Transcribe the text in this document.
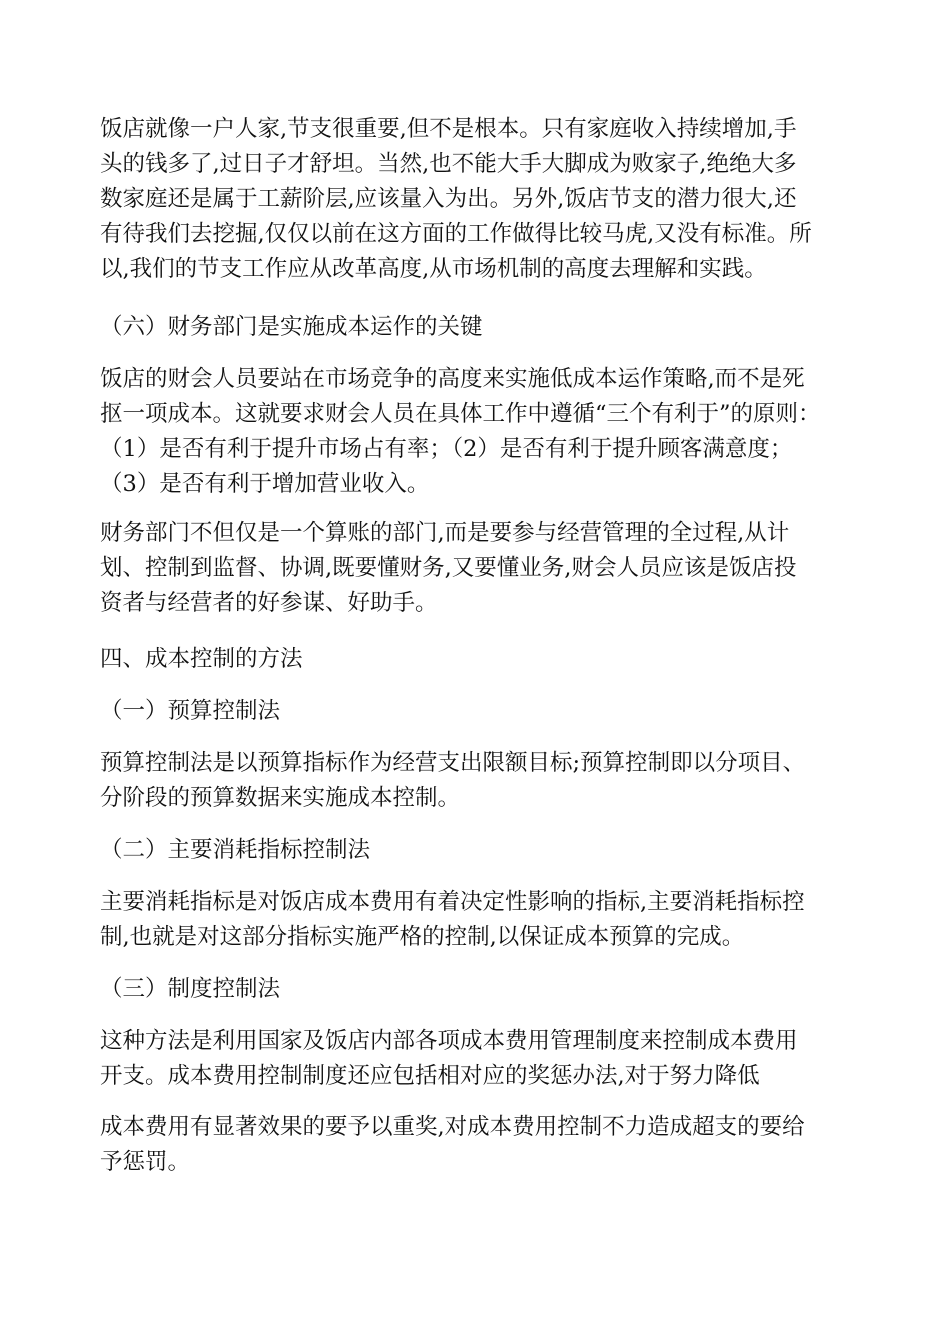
饭店就像一户人家,节支很重要,但不是根本。只有家庭收入持续增加,手
头的钱多了,过日子才舒坦。当然,也不能大手大脚成为败家子,绝绝大多
数家庭还是属于工薪阶层,应该量入为出。另外,饭店节支的潜力很大,还
有待我们去挖掘,仅仅以前在这方面的工作做得比较马虎,又没有标准。所
以,我们的节支工作应从改革高度,从市场机制的高度去理解和实践。

（六）财务部门是实施成本运作的关键

饭店的财会人员要站在市场竞争的高度来实施低成本运作策略,而不是死
抠一项成本。这就要求财会人员在具体工作中遵循“三个有利于”的原则：
（1）是否有利于提升市场占有率；（2）是否有利于提升顾客满意度；
（3）是否有利于增加营业收入。

财务部门不但仅是一个算账的部门,而是要参与经营管理的全过程,从计
划、控制到监督、协调,既要懂财务,又要懂业务,财会人员应该是饭店投
资者与经营者的好参谋、好助手。

四、成本控制的方法

（一）预算控制法

预算控制法是以预算指标作为经营支出限额目标;预算控制即以分项目、
分阶段的预算数据来实施成本控制。

（二）主要消耗指标控制法

主要消耗指标是对饭店成本费用有着决定性影响的指标,主要消耗指标控
制,也就是对这部分指标实施严格的控制,以保证成本预算的完成。

（三）制度控制法

这种方法是利用国家及饭店内部各项成本费用管理制度来控制成本费用
开支。成本费用控制制度还应包括相对应的奖惩办法,对于努力降低

成本费用有显著效果的要予以重奖,对成本费用控制不力造成超支的要给
予惩罚。
